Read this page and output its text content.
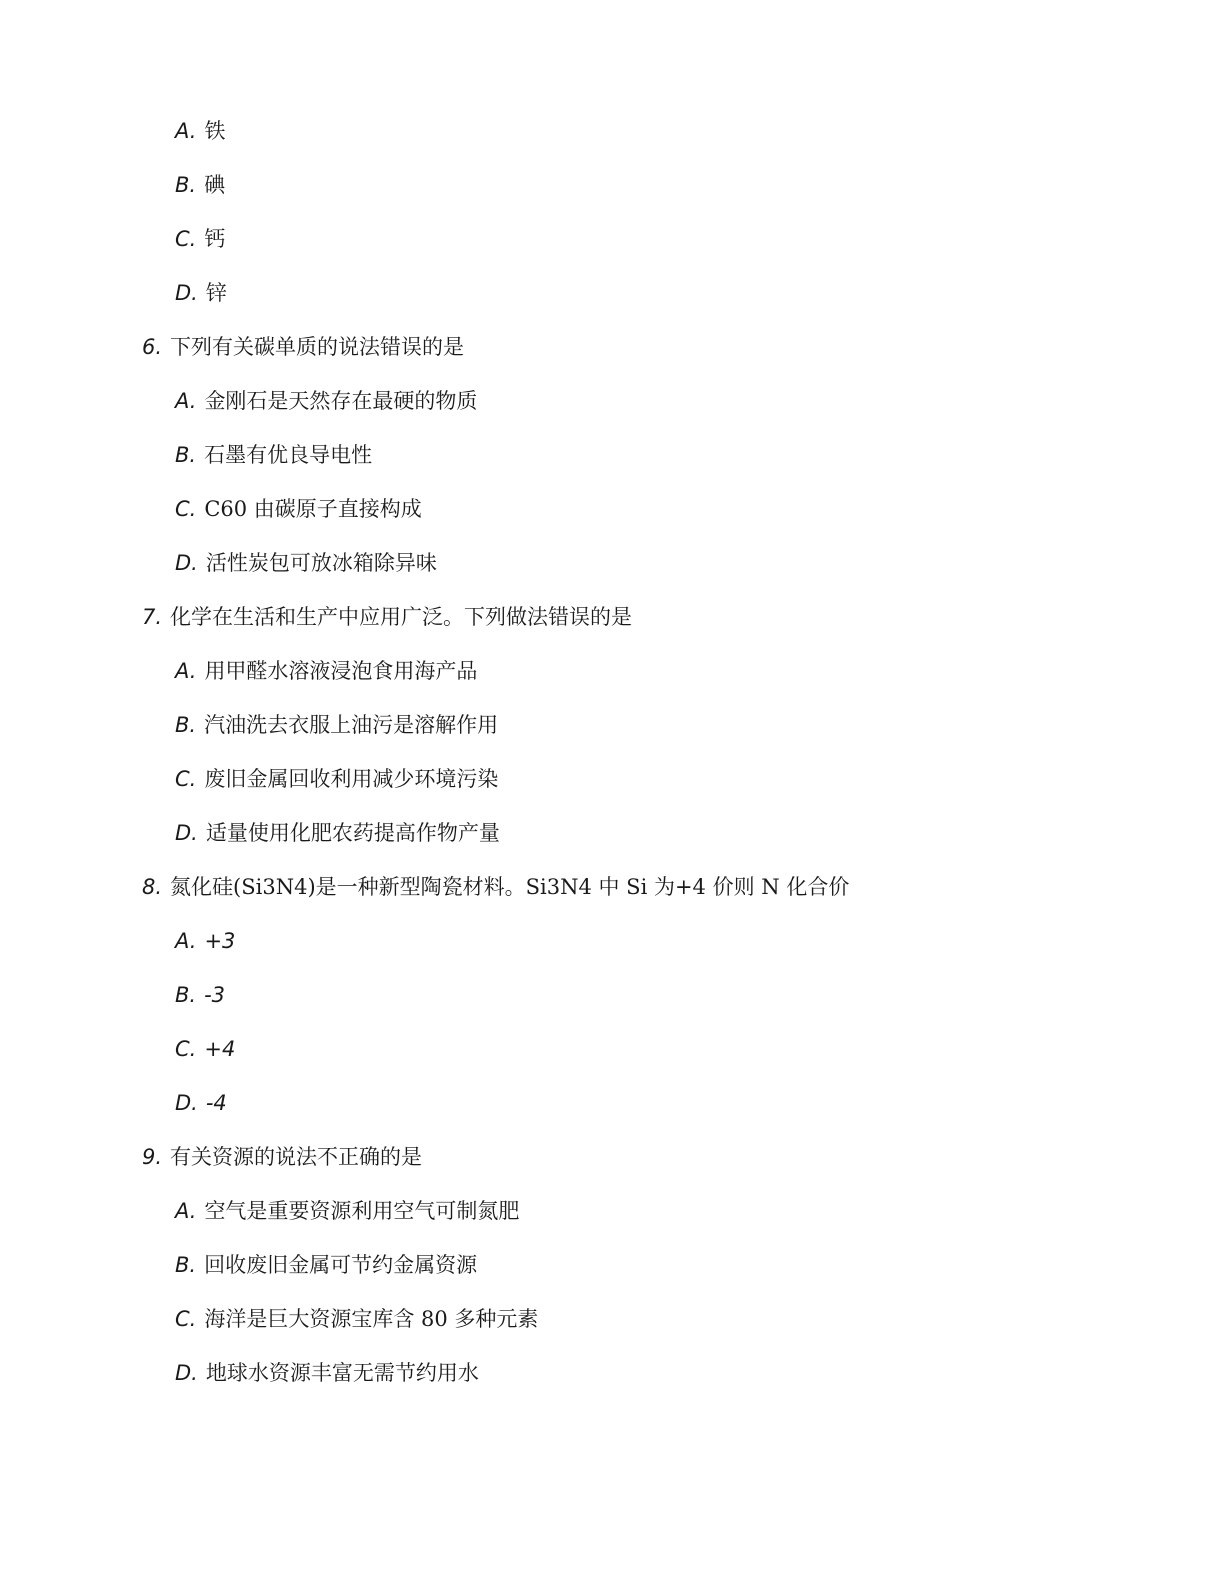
A. 铁
B. 碘
C. 钙
D. 锌
6. 下列有关碳单质的说法错误的是
A. 金刚石是天然存在最硬的物质
B. 石墨有优良导电性
C. C60 由碳原子直接构成
D. 活性炭包可放冰箱除异味
7. 化学在生活和生产中应用广泛。下列做法错误的是
A. 用甲醛水溶液浸泡食用海产品
B. 汽油洗去衣服上油污是溶解作用
C. 废旧金属回收利用减少环境污染
D. 适量使用化肥农药提高作物产量
8. 氮化硅(Si3N4)是一种新型陶瓷材料。Si3N4 中 Si 为+4 价则 N 化合价
A. +3
B. -3
C. +4
D. -4
9. 有关资源的说法不正确的是
A. 空气是重要资源利用空气可制氮肥
B. 回收废旧金属可节约金属资源
C. 海洋是巨大资源宝库含 80 多种元素
D. 地球水资源丰富无需节约用水
